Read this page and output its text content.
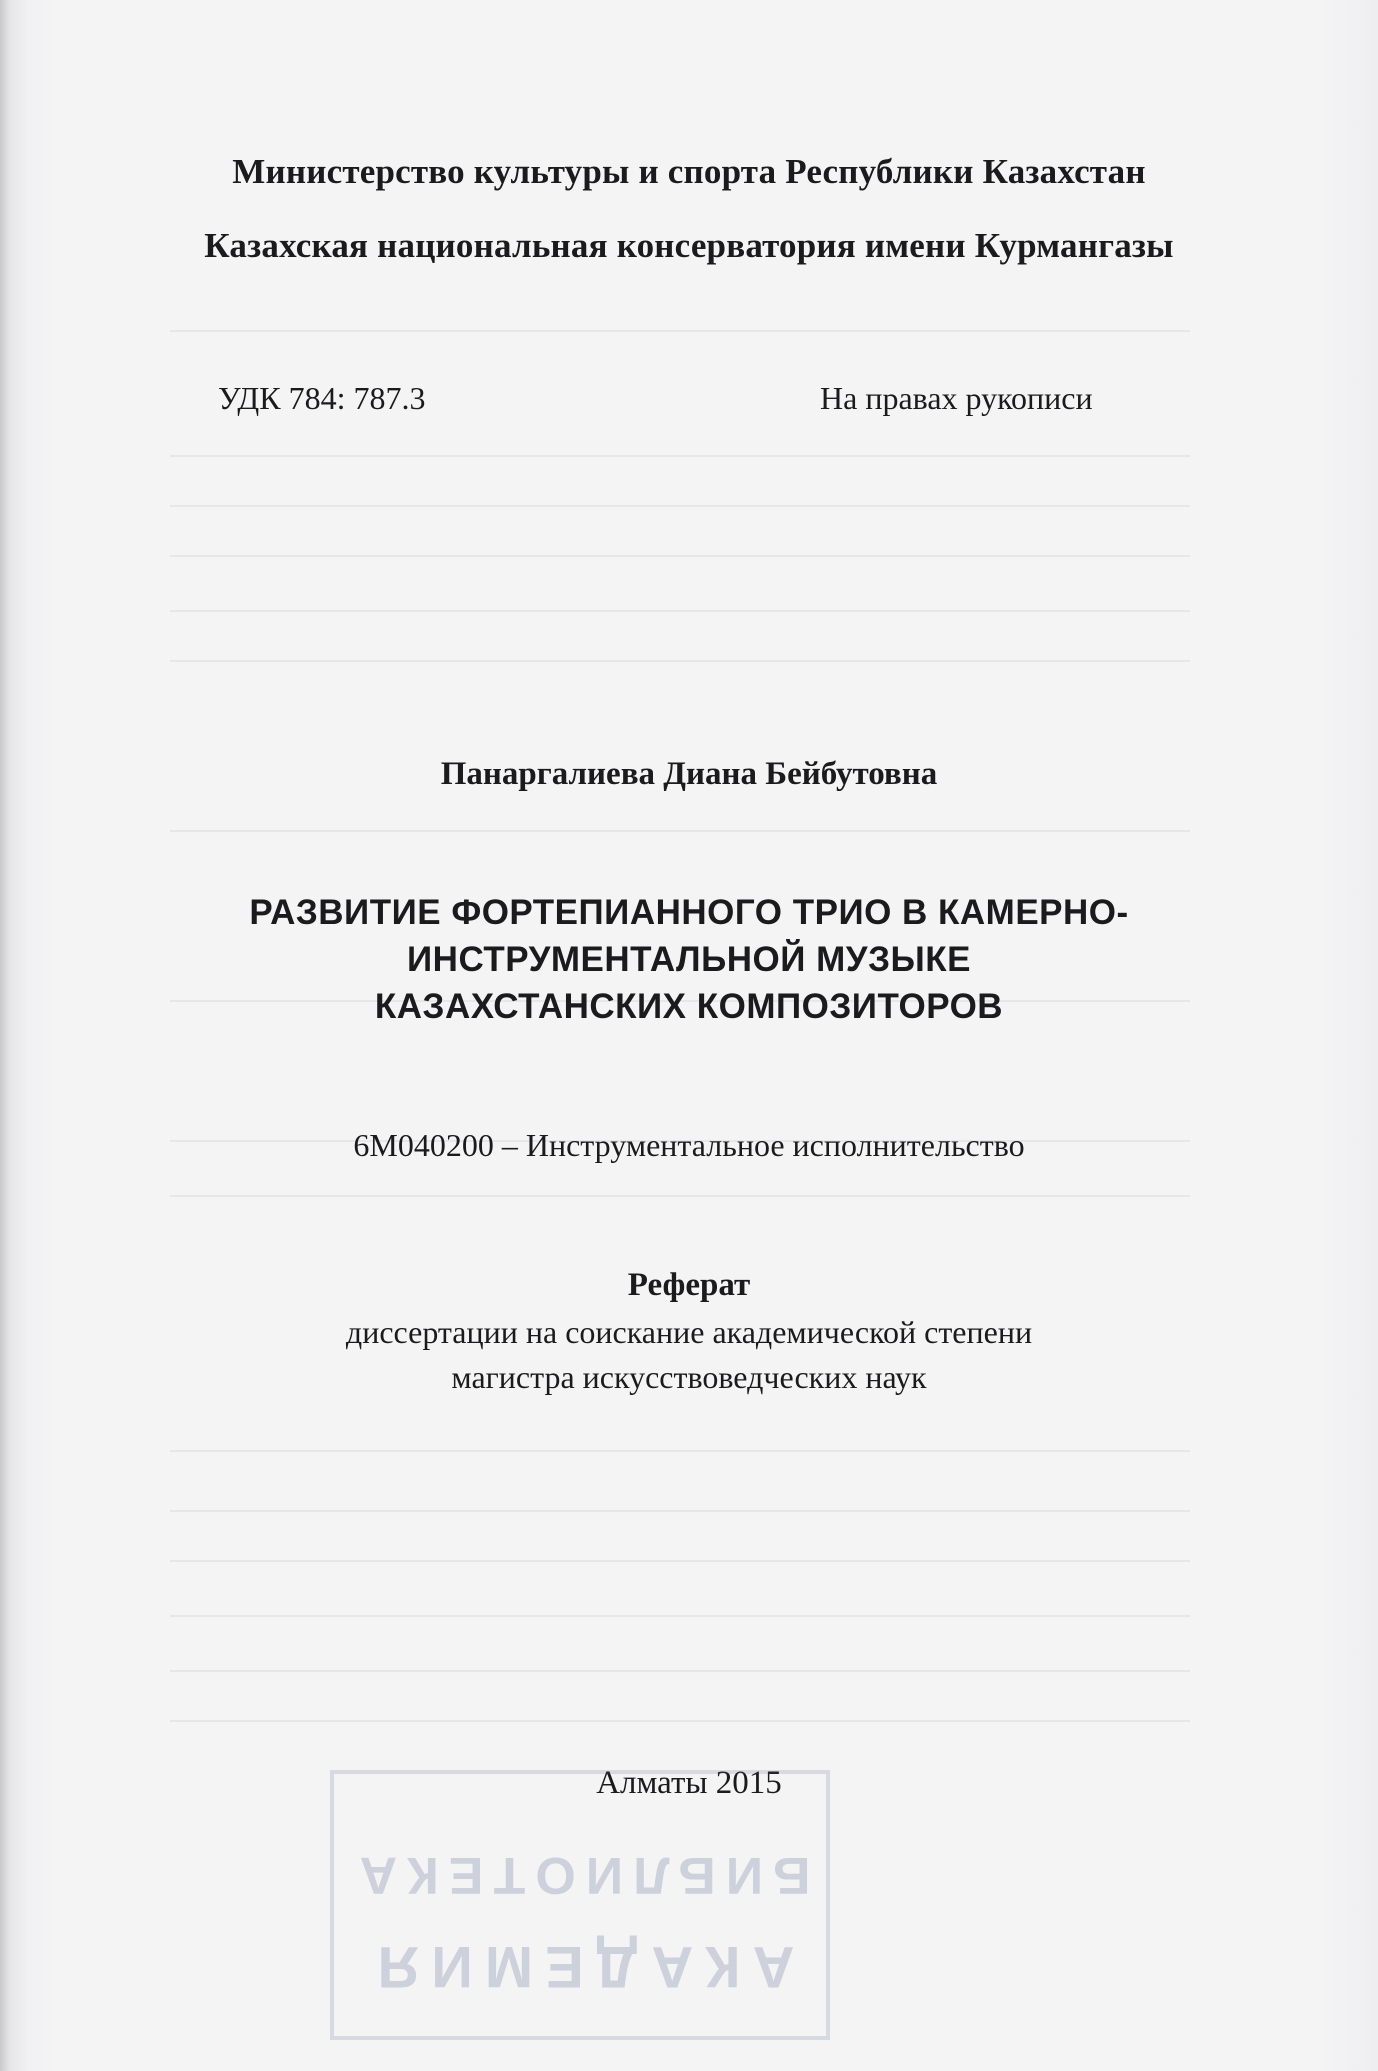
Министерство культуры и спорта Республики Казахстан
Казахская национальная консерватория имени Курмангазы
УДК 784: 787.3	На правах рукописи
Панаргалиева Диана Бейбутовна
РАЗВИТИЕ ФОРТЕПИАННОГО ТРИО В КАМЕРНО-
ИНСТРУМЕНТАЛЬНОЙ МУЗЫКЕ
КАЗАХСТАНСКИХ КОМПОЗИТОРОВ
6М040200 – Инструментальное исполнительство
Реферат
диссертации на соискание академической степени
магистра искусствоведческих наук
Алматы 2015
АКАДЕМИЯ
БИБЛИОТЕКА
